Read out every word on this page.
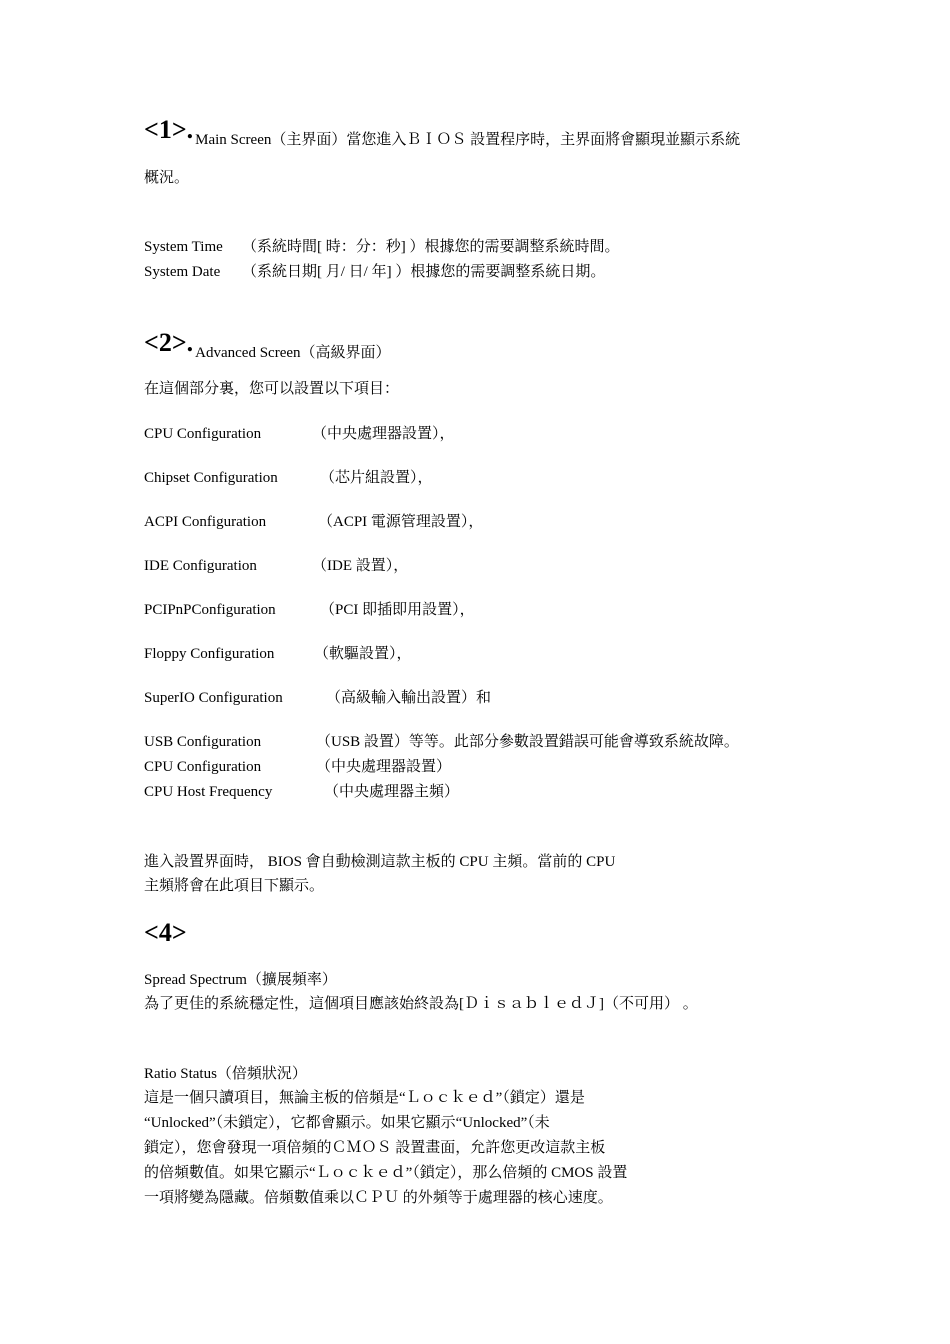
<1>. Main Screen（主界面）當您進入ＢＩＯＳ 設置程序時，主界面將會顯現並顯示系統
概況。
System Time （系統時間[ 時：分：秒] ）根據您的需要調整系統時間。
System Date （系統日期[ 月/ 日/ 年] ）根據您的需要調整系統日期。
<2>. Advanced Screen（高級界面）
在這個部分裏，您可以設置以下項目：
CPU Configuration	（中央處理器設置），
Chipset Configuration	（芯片組設置），
ACPI Configuration	（ACPI 電源管理設置），
IDE Configuration	（IDE 設置），
PCIPnPConfiguration	（PCI 即插即用設置），
Floppy Configuration	（軟驅設置），
SuperIO Configuration	（高級輸入輸出設置）和
USB Configuration	（USB 設置）等等。此部分參數設置錯誤可能會導致系統故障。
CPU Configuration	（中央處理器設置）
CPU Host Frequency	（中央處理器主頻）
進入設置界面時， BIOS 會自動檢測這款主板的 CPU 主頻。當前的 CPU
主頻將會在此項目下顯示。
<4>
Spread Spectrum（擴展頻率）
為了更佳的系統穩定性，這個項目應該始終設為[ＤｉｓａｂｌｅｄＪ]（不可用） 。
Ratio Status（倍頻狀況）
這是一個只讀項目，無論主板的倍頻是“Ｌｏｃｋｅｄ”（鎖定）還是
“Unlocked”（未鎖定），它都會顯示。如果它顯示“Unlocked”（未
鎖定），您會發現一項倍頻的ＣＭＯＳ 設置畫面，允許您更改這款主板
的倍頻數值。如果它顯示“Ｌｏｃｋｅｄ”（鎖定），那么倍頻的 CMOS 設置
一項將變為隱藏。倍頻數值乘以ＣＰＵ 的外頻等于處理器的核心速度。
